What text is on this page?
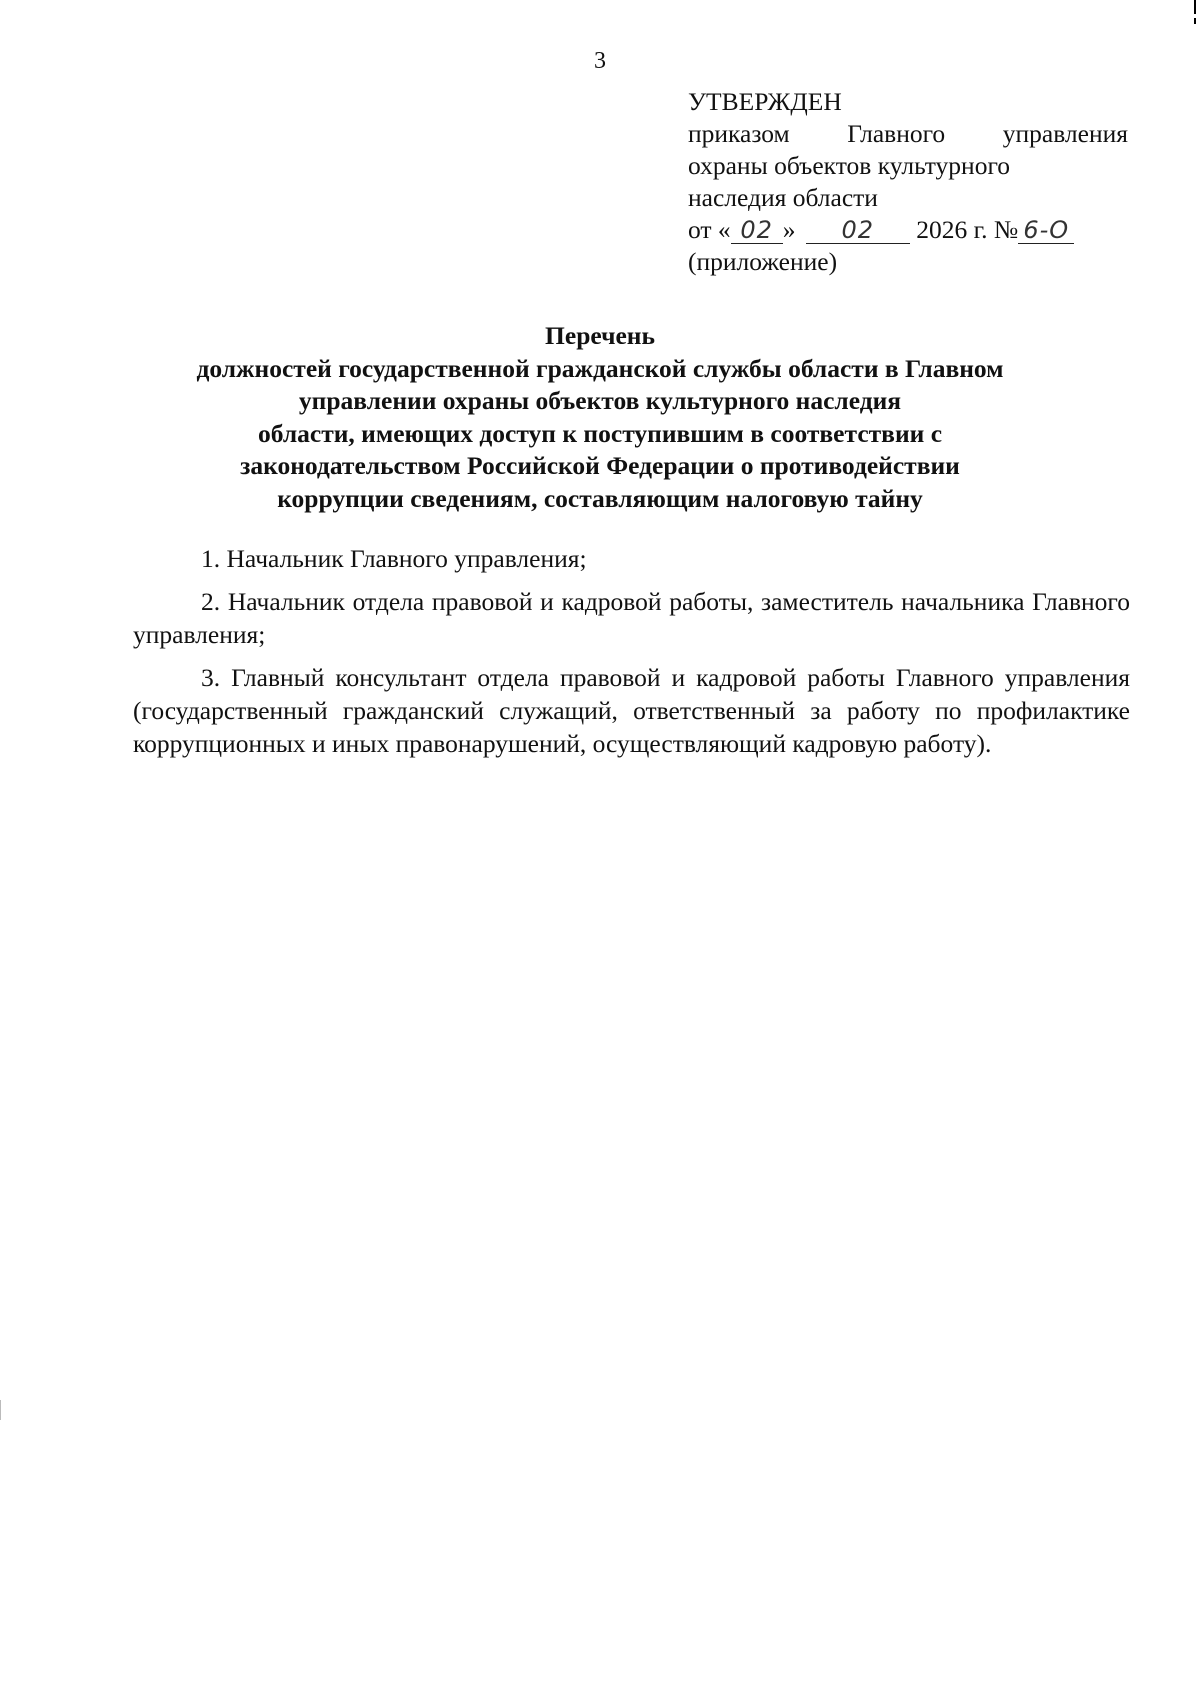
3
УТВЕРЖДЕН
приказом Главного управления
охраны объектов культурного
наследия области
от « 02 » 02 2026 г. № 6-О
(приложение)
Перечень
должностей государственной гражданской службы области в Главном
управлении охраны объектов культурного наследия
области, имеющих доступ к поступившим в соответствии с
законодательством Российской Федерации о противодействии
коррупции сведениям, составляющим налоговую тайну

1. Начальник Главного управления;

2. Начальник отдела правовой и кадровой работы, заместитель начальника Главного управления;

3. Главный консультант отдела правовой и кадровой работы Главного управления (государственный гражданский служащий, ответственный за работу по профилактике коррупционных и иных правонарушений, осуществляющий кадровую работу).
